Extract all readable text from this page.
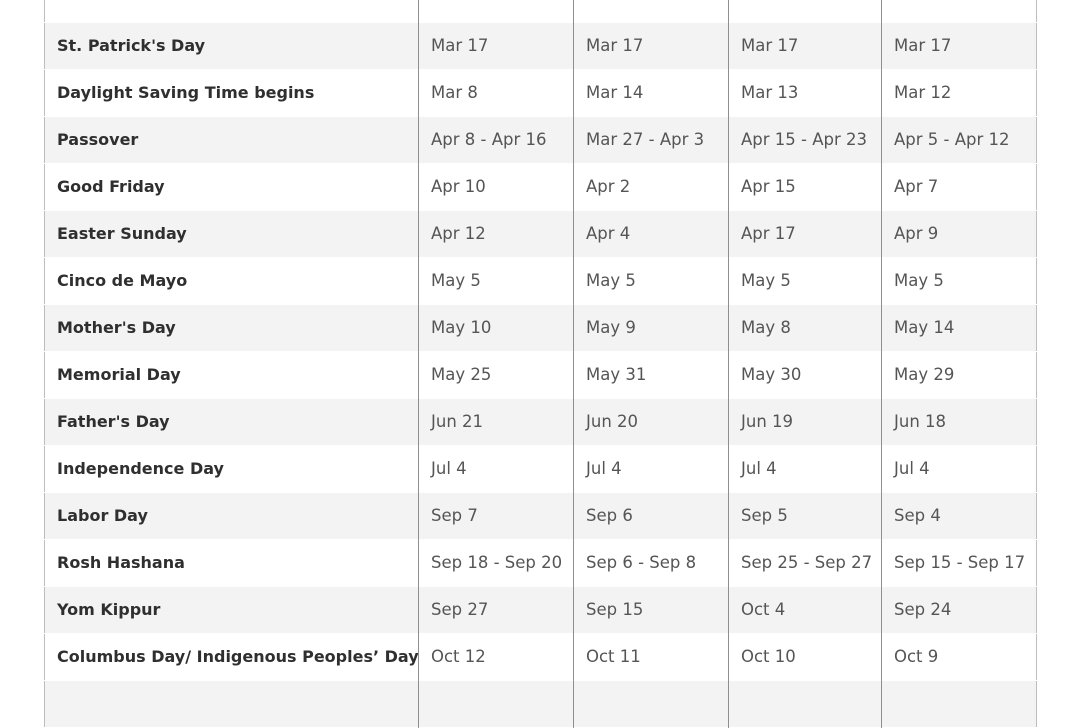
St. Patrick's Day	Mar 17	Mar 17	Mar 17	Mar 17
Daylight Saving Time begins	Mar 8	Mar 14	Mar 13	Mar 12
Passover	Apr 8 - Apr 16	Mar 27 - Apr 3	Apr 15 - Apr 23	Apr 5 - Apr 12
Good Friday	Apr 10	Apr 2	Apr 15	Apr 7
Easter Sunday	Apr 12	Apr 4	Apr 17	Apr 9
Cinco de Mayo	May 5	May 5	May 5	May 5
Mother's Day	May 10	May 9	May 8	May 14
Memorial Day	May 25	May 31	May 30	May 29
Father's Day	Jun 21	Jun 20	Jun 19	Jun 18
Independence Day	Jul 4	Jul 4	Jul 4	Jul 4
Labor Day	Sep 7	Sep 6	Sep 5	Sep 4
Rosh Hashana	Sep 18 - Sep 20	Sep 6 - Sep 8	Sep 25 - Sep 27	Sep 15 - Sep 17
Yom Kippur	Sep 27	Sep 15	Oct 4	Sep 24
Columbus Day/ Indigenous Peoples’ Day	Oct 12	Oct 11	Oct 10	Oct 9
